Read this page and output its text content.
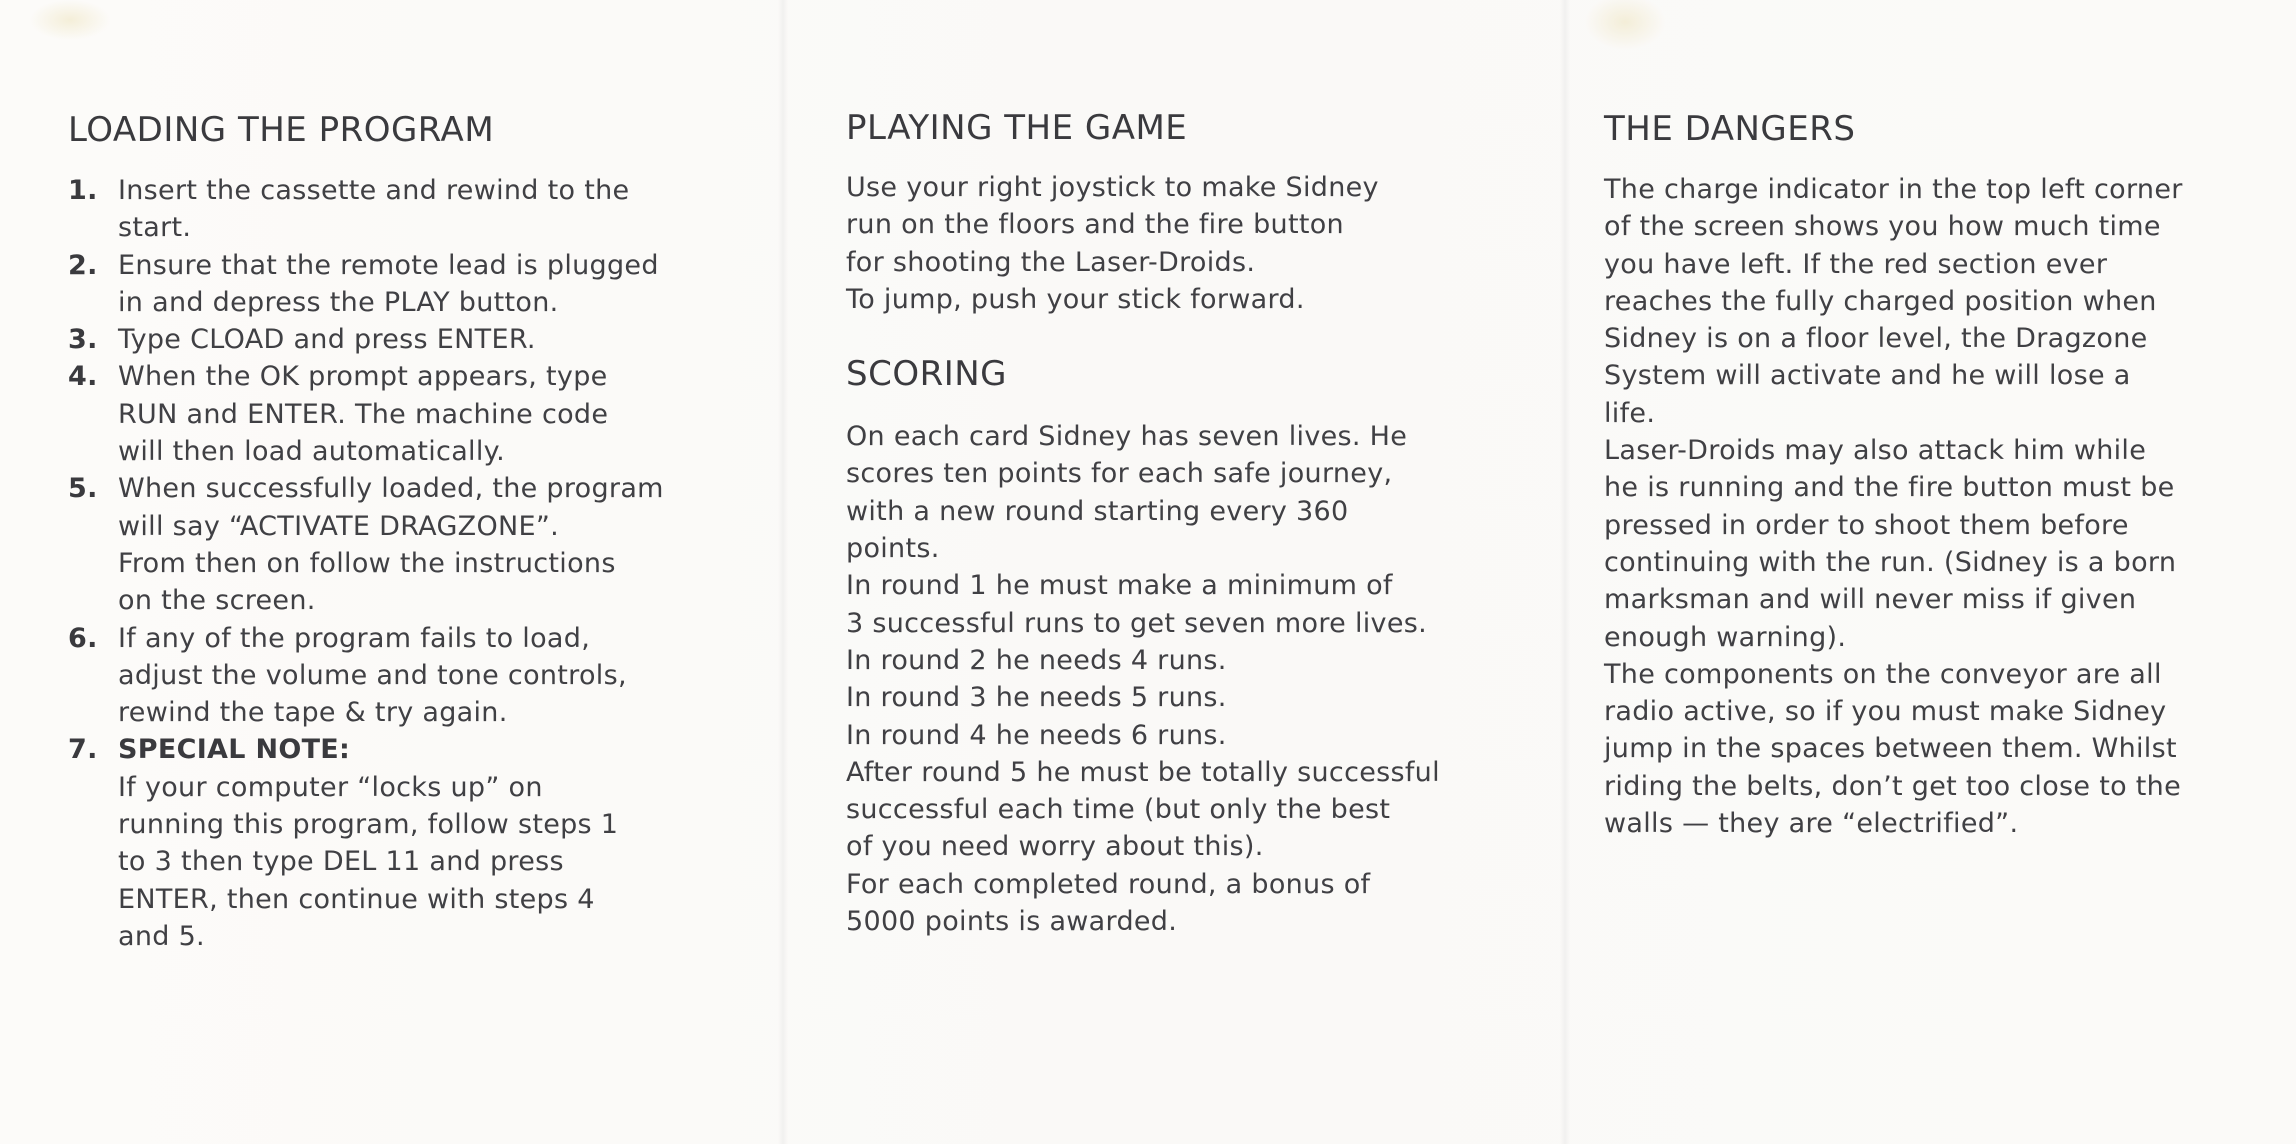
LOADING THE PROGRAM
1. Insert the cassette and rewind to the
start.
2. Ensure that the remote lead is plugged
in and depress the PLAY button.
3. Type CLOAD and press ENTER.
4. When the OK prompt appears, type
RUN and ENTER. The machine code
will then load automatically.
5. When successfully loaded, the program
will say “ACTIVATE DRAGZONE”.
From then on follow the instructions
on the screen.
6. If any of the program fails to load,
adjust the volume and tone controls,
rewind the tape & try again.
7. SPECIAL NOTE:
If your computer “locks up” on
running this program, follow steps 1
to 3 then type DEL 11 and press
ENTER, then continue with steps 4
and 5.
PLAYING THE GAME
Use your right joystick to make Sidney
run on the floors and the fire button
for shooting the Laser-Droids.
To jump, push your stick forward.
SCORING
On each card Sidney has seven lives. He
scores ten points for each safe journey,
with a new round starting every 360
points.
In round 1 he must make a minimum of
3 successful runs to get seven more lives.
In round 2 he needs 4 runs.
In round 3 he needs 5 runs.
In round 4 he needs 6 runs.
After round 5 he must be totally successful
successful each time (but only the best
of you need worry about this).
For each completed round, a bonus of
5000 points is awarded.
THE DANGERS
The charge indicator in the top left corner
of the screen shows you how much time
you have left. If the red section ever
reaches the fully charged position when
Sidney is on a floor level, the Dragzone
System will activate and he will lose a
life.
Laser-Droids may also attack him while
he is running and the fire button must be
pressed in order to shoot them before
continuing with the run. (Sidney is a born
marksman and will never miss if given
enough warning).
The components on the conveyor are all
radio active, so if you must make Sidney
jump in the spaces between them. Whilst
riding the belts, don’t get too close to the
walls — they are “electrified”.
